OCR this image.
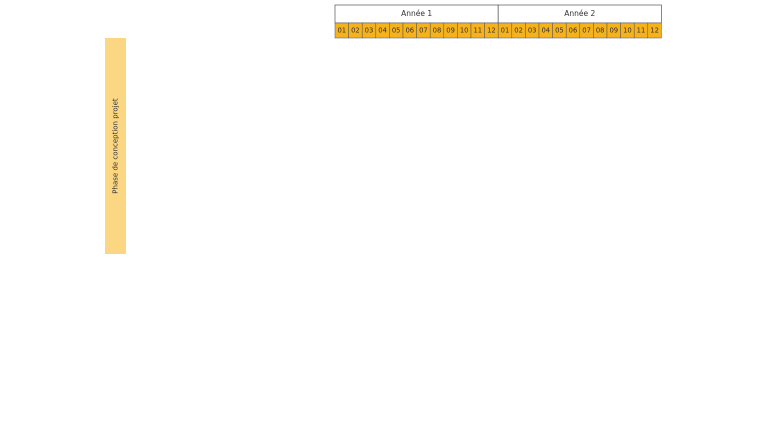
Année 1
01 02 03 04 05 06 07 08 09 10 11 12
Année 2
01 02 03 04 05 06 07 08 09 10 11 12
Phase de conception projet
